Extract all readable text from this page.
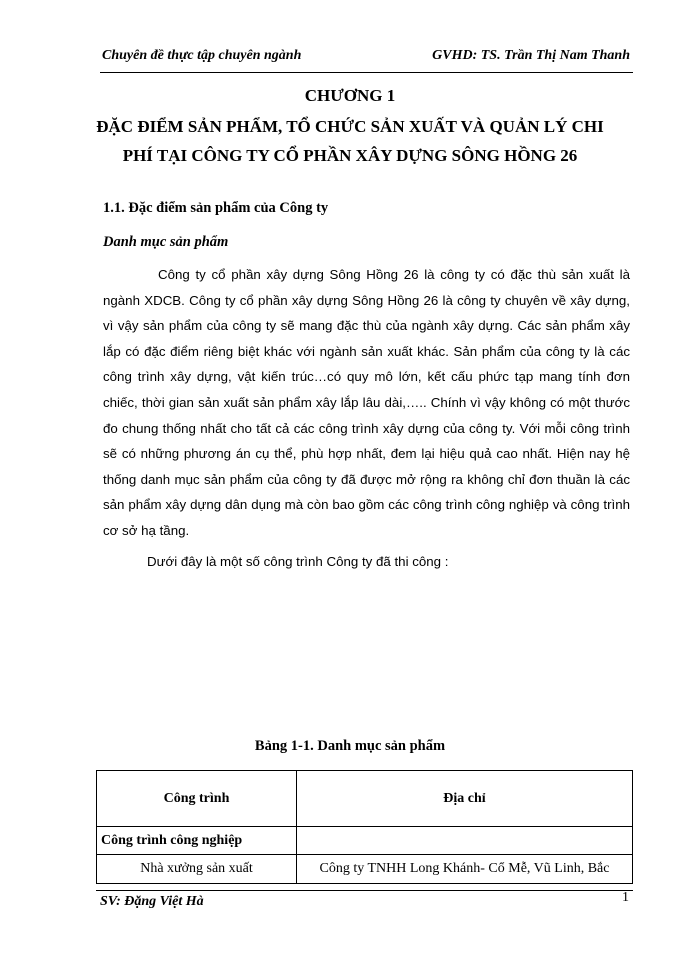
Chuyên đề thực tập chuyên ngành	GVHD: TS. Trần Thị Nam Thanh
CHƯƠNG 1
ĐẶC ĐIỂM SẢN PHẨM, TỔ CHỨC SẢN XUẤT VÀ QUẢN LÝ CHI
PHÍ TẠI CÔNG TY CỔ PHẦN XÂY DỰNG SÔNG HỒNG 26
1.1. Đặc điểm sản phẩm của Công ty
Danh mục sản phẩm

Công ty cổ phần xây dựng Sông Hồng 26 là công ty có đặc thù sản xuất là ngành XDCB. Công ty cổ phần xây dựng Sông Hồng 26 là công ty chuyên về xây dựng, vì vậy sản phẩm của công ty sẽ mang đặc thù của ngành xây dựng. Các sản phẩm xây lắp có đặc điểm riêng biệt khác với ngành sản xuất khác. Sản phẩm của công ty là các công trình xây dựng, vật kiến trúc…có quy mô lớn, kết cấu phức tạp mang tính đơn chiếc, thời gian sản xuất sản phẩm xây lắp lâu dài,….. Chính vì vậy không có một thước đo chung thống nhất cho tất cả các công trình xây dựng của công ty. Với mỗi công trình sẽ có những phương án cụ thể, phù hợp nhất, đem lại hiệu quả cao nhất. Hiện nay hệ thống danh mục sản phẩm của công ty đã được mở rộng ra không chỉ đơn thuần là các sản phẩm xây dựng dân dụng mà còn bao gồm các công trình công nghiệp và công trình cơ sở hạ tầng.

Dưới đây là một số công trình Công ty đã thi công :
Bảng 1-1. Danh mục sản phẩm
Công trình	Địa chỉ
Công trình công nghiệp	
Nhà xưởng sản xuất	Công ty TNHH Long Khánh- Cổ Mễ, Vũ Linh, Bắc
SV: Đặng Việt Hà	1
